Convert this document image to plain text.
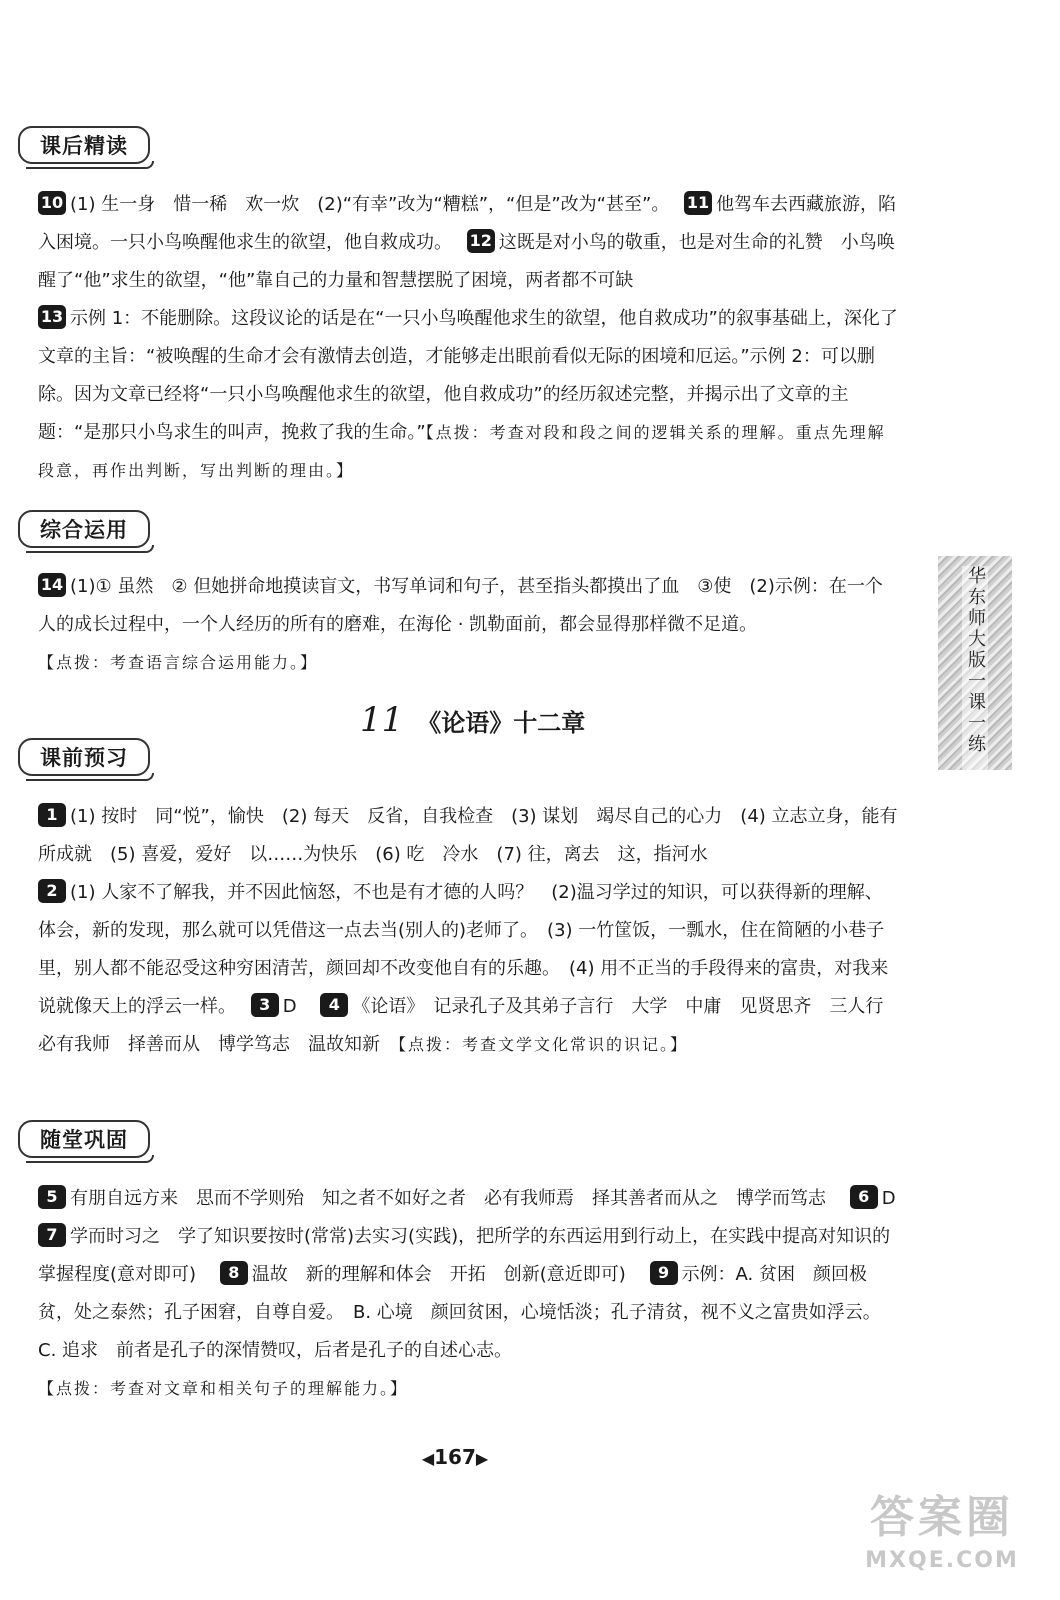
课后精读

10 (1) 生一身　惜一稀　欢一炊　(2)“有幸”改为“糟糕”，“但是”改为“甚至”。　 11 他驾车去西藏旅游，陷入困境。一只小鸟唤醒他求生的欲望，他自救成功。　 12 这既是对小鸟的敬重，也是对生命的礼赞　小鸟唤醒了“他”求生的欲望，“他”靠自己的力量和智慧摆脱了困境，两者都不可缺

13 示例 1：不能删除。这段议论的话是在“一只小鸟唤醒他求生的欲望，他自救成功”的叙事基础上，深化了文章的主旨：“被唤醒的生命才会有激情去创造，才能够走出眼前看似无际的困境和厄运。”示例 2：可以删除。因为文章已经将“一只小鸟唤醒他求生的欲望，他自救成功”的经历叙述完整，并揭示出了文章的主题：“是那只小鸟求生的叫声，挽救了我的生命。”【点拨：考查对段和段之间的逻辑关系的理解。重点先理解段意，再作出判断，写出判断的理由。】

综合运用

14 (1)① 虽然　② 但她拼命地摸读盲文，书写单词和句子，甚至指头都摸出了血　③使　(2)示例：在一个人的成长过程中，一个人经历的所有的磨难，在海伦 · 凯勒面前，都会显得那样微不足道。

【点拨：考查语言综合运用能力。】

11 《论语》十二章
课前预习

1 (1) 按时　同“悦”，愉快　(2) 每天　反省，自我检查　(3) 谋划　竭尽自己的心力　(4) 立志立身，能有所成就　(5) 喜爱，爱好　以……为快乐　(6) 吃　冷水　(7) 往，离去　这，指河水

2 (1) 人家不了解我，并不因此恼怒，不也是有才德的人吗？　(2)温习学过的知识，可以获得新的理解、体会，新的发现，那么就可以凭借这一点去当(别人的)老师了。　(3) 一竹筐饭，一瓢水，住在简陋的小巷子里，别人都不能忍受这种穷困清苦，颜回却不改变他自有的乐趣。　(4) 用不正当的手段得来的富贵，对我来说就像天上的浮云一样。　 3 D　 4 《论语》　记录孔子及其弟子言行　大学　中庸　见贤思齐　三人行必有我师　择善而从　博学笃志　温故知新　 【点拨：考查文学文化常识的识记。】

随堂巩固

5 有朋自远方来　思而不学则殆　知之者不如好之者　必有我师焉　择其善者而从之　博学而笃志　 6 D　 7 学而时习之　学了知识要按时(常常)去实习(实践)，把所学的东西运用到行动上，在实践中提高对知识的掌握程度(意对即可)　 8 温故　新的理解和体会　开拓　创新(意近即可)　 9 示例：A. 贫困　颜回极贫，处之泰然；孔子困窘，自尊自爱。　B. 心境　颜回贫困，心境恬淡；孔子清贫，视不义之富贵如浮云。　C. 追求　前者是孔子的深情赞叹，后者是孔子的自述心志。

【点拨：考查对文章和相关句子的理解能力。】

华东师大版一课一练
◀167▶
答案圈
MXQE.COM
